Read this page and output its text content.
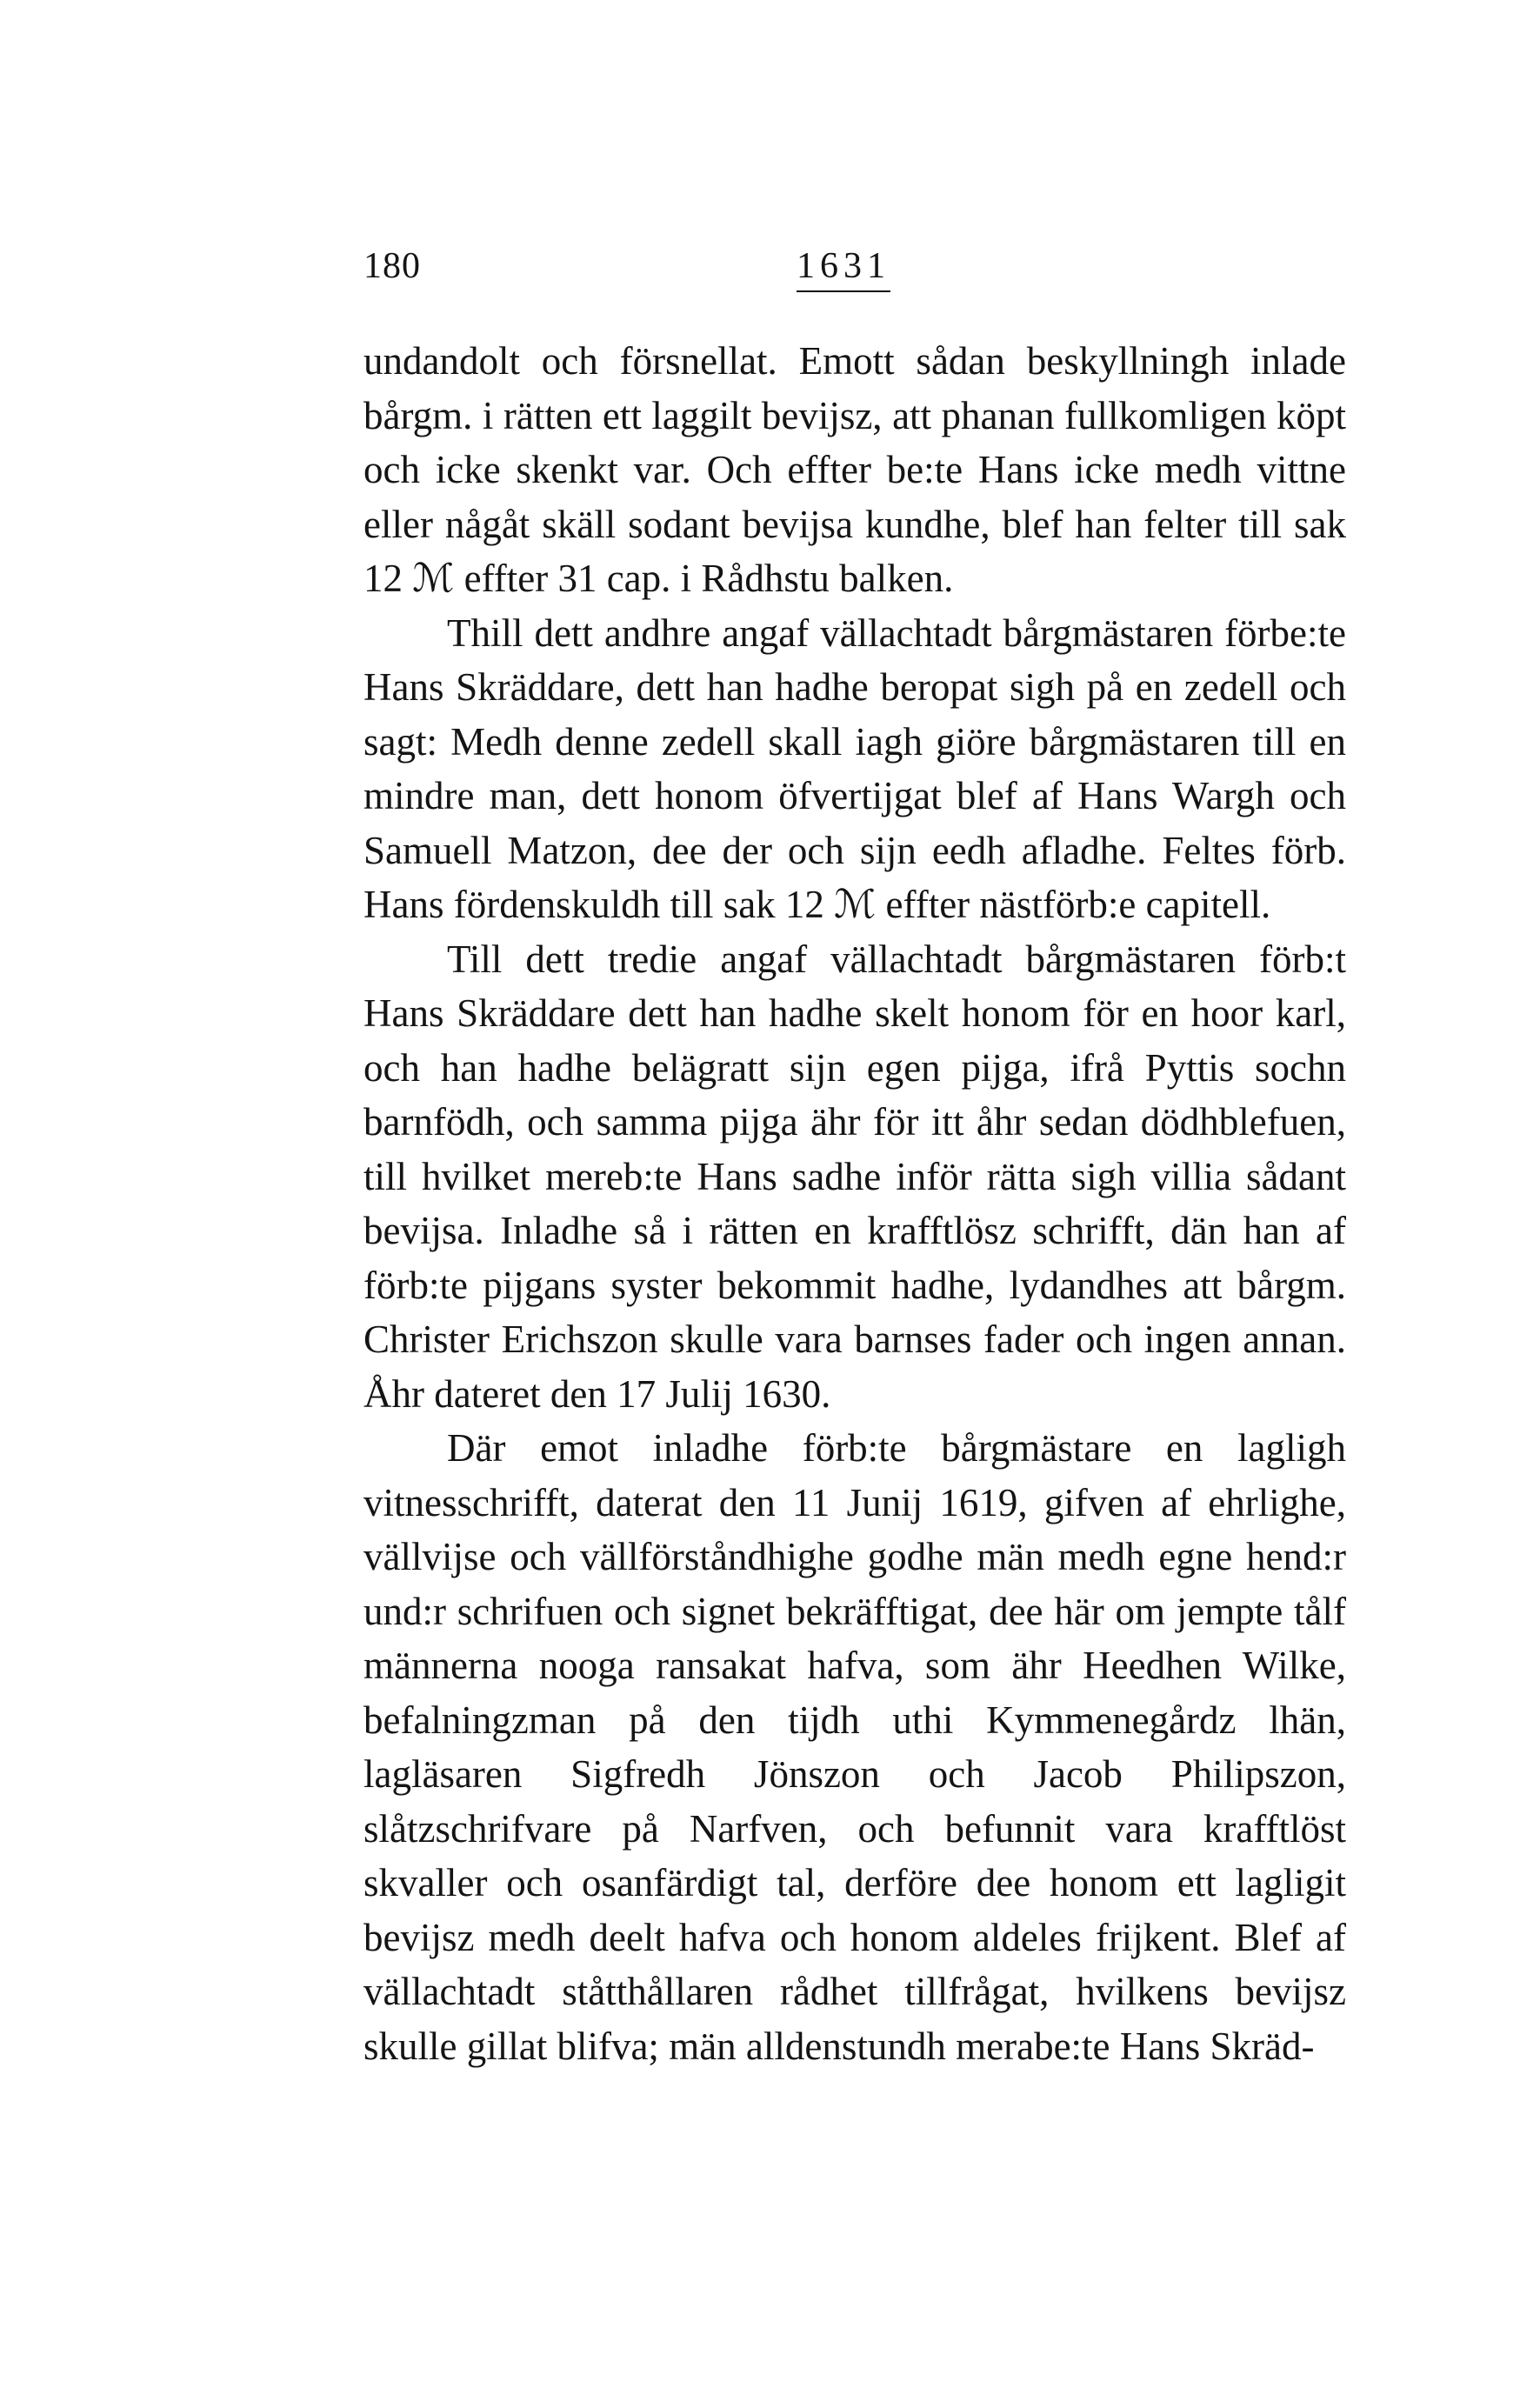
180	1631

undandolt och försnellat. Emott sådan beskyllningh inlade bårgm. i rätten ett laggilt bevijsz, att phanan fullkomligen köpt och icke skenkt var. Och effter be:te Hans icke medh vittne eller någåt skäll sodant bevijsa kundhe, blef han felter till sak 12 ℳ effter 31 cap. i Rådhstu balken.

Thill dett andhre angaf vällachtadt bårgmästaren förbe:te Hans Skräddare, dett han hadhe beropat sigh på en zedell och sagt: Medh denne zedell skall iagh giöre bårgmästaren till en mindre man, dett honom öfvertijgat blef af Hans Wargh och Samuell Matzon, dee der och sijn eedh afladhe. Feltes förb. Hans fördenskuldh till sak 12 ℳ effter nästförb:e capitell.

Till dett tredie angaf vällachtadt bårgmästaren förb:t Hans Skräddare dett han hadhe skelt honom för en hoor karl, och han hadhe belägratt sijn egen pijga, ifrå Pyttis sochn barnfödh, och samma pijga ähr för itt åhr sedan dödhblefuen, till hvilket mereb:te Hans sadhe inför rätta sigh villia sådant bevijsa. Inladhe så i rätten en krafftlösz schrifft, dän han af förb:te pijgans syster bekommit hadhe, lydandhes att bårgm. Christer Erichszon skulle vara barnses fader och ingen annan. Åhr dateret den 17 Julij 1630.

Där emot inladhe förb:te bårgmästare en lagligh vitnesschrifft, daterat den 11 Junij 1619, gifven af ehrlighe, vällvijse och vällförståndhighe godhe män medh egne hend:r und:r schrifuen och signet bekräfftigat, dee här om jempte tålf männerna nooga ransakat hafva, som ähr Heedhen Wilke, befalningzman på den tijdh uthi Kymmenegårdz lhän, lagläsaren Sigfredh Jönszon och Jacob Philipszon, slåtzschrifvare på Narfven, och befunnit vara krafftlöst skvaller och osanfärdigt tal, derföre dee honom ett lagligit bevijsz medh deelt hafva och honom aldeles frijkent. Blef af vällachtadt ståtthållaren rådhet tillfrågat, hvilkens bevijsz skulle gillat blifva; män alldenstundh merabe:te Hans Skräd-
